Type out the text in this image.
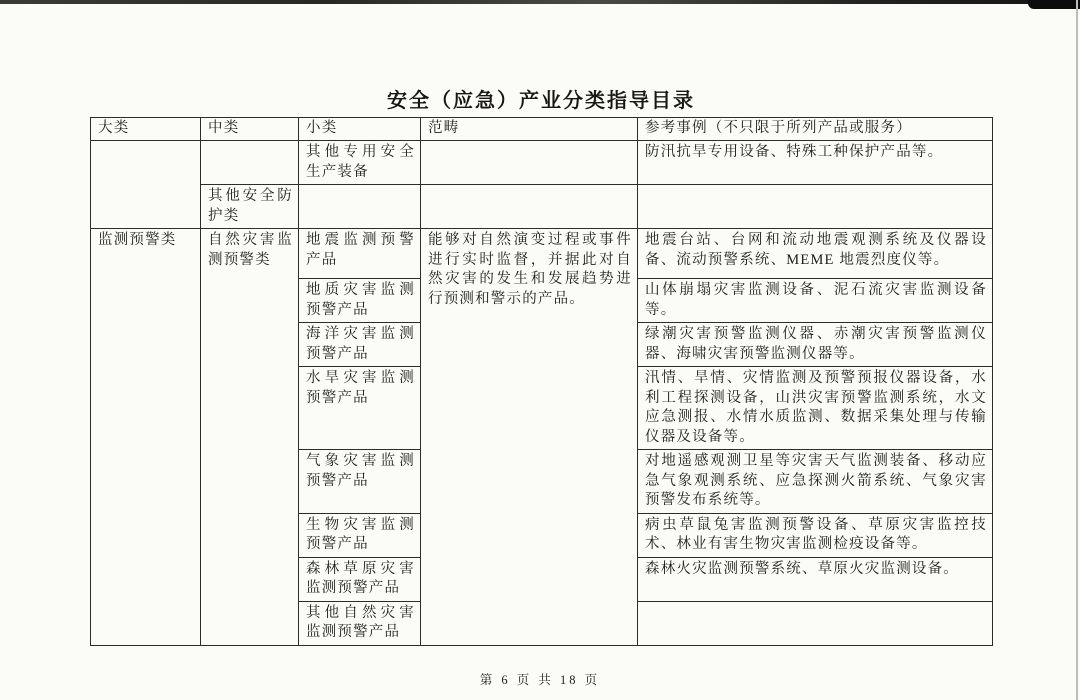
安全（应急）产业分类指导目录
大类	中类	小类	范畴	参考事例（不只限于所列产品或服务）
		其他专用安全生产装备		防汛抗旱专用设备、特殊工种保护产品等。
	其他安全防护类			
监测预警类	自然灾害监测预警类	地震监测预警产品	能够对自然演变过程或事件进行实时监督，并据此对自然灾害的发生和发展趋势进行预测和警示的产品。	地震台站、台网和流动地震观测系统及仪器设备、流动预警系统、MEME 地震烈度仪等。
		地质灾害监测预警产品		山体崩塌灾害监测设备、泥石流灾害监测设备等。
		海洋灾害监测预警产品		绿潮灾害预警监测仪器、赤潮灾害预警监测仪器、海啸灾害预警监测仪器等。
		水旱灾害监测预警产品		汛情、旱情、灾情监测及预警预报仪器设备，水利工程探测设备，山洪灾害预警监测系统，水文应急测报、水情水质监测、数据采集处理与传输仪器及设备等。
		气象灾害监测预警产品		对地遥感观测卫星等灾害天气监测装备、移动应急气象观测系统、应急探测火箭系统、气象灾害预警发布系统等。
		生物灾害监测预警产品		病虫草鼠兔害监测预警设备、草原灾害监控技术、林业有害生物灾害监测检疫设备等。
		森林草原灾害监测预警产品		森林火灾监测预警系统、草原火灾监测设备。
		其他自然灾害监测预警产品		
第 6 页 共 18 页
